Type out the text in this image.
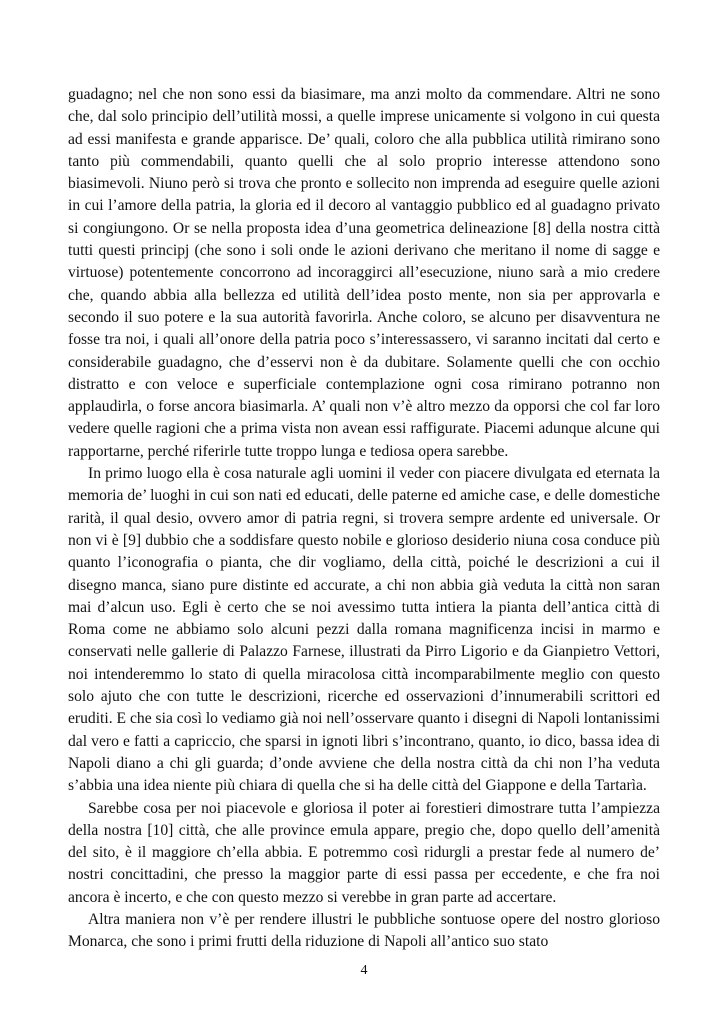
guadagno; nel che non sono essi da biasimare, ma anzi molto da commendare. Altri ne sono che, dal solo principio dell’utilità mossi, a quelle imprese unicamente si volgono in cui questa ad essi manifesta e grande apparisce. De’ quali, coloro che alla pubblica utilità rimirano sono tanto più commendabili, quanto quelli che al solo proprio interesse attendono sono biasimevoli. Niuno però si trova che pronto e sollecito non imprenda ad eseguire quelle azioni in cui l’amore della patria, la gloria ed il decoro al vantaggio pubblico ed al guadagno privato si congiungono. Or se nella proposta idea d’una geometrica delineazione [8] della nostra città tutti questi principj (che sono i soli onde le azioni derivano che meritano il nome di sagge e virtuose) potentemente concorrono ad incoraggirci all’esecuzione, niuno sarà a mio credere che, quando abbia alla bellezza ed utilità dell’idea posto mente, non sia per approvarla e secondo il suo potere e la sua autorità favorirla. Anche coloro, se alcuno per disavventura ne fosse tra noi, i quali all’onore della patria poco s’interessassero, vi saranno incitati dal certo e considerabile guadagno, che d’esservi non è da dubitare. Solamente quelli che con occhio distratto e con veloce e superficiale contemplazione ogni cosa rimirano potranno non applaudirla, o forse ancora biasimarla. A’ quali non v’è altro mezzo da opporsi che col far loro vedere quelle ragioni che a prima vista non avean essi raffigurate. Piacemi adunque alcune qui rapportarne, perché riferirle tutte troppo lunga e tediosa opera sarebbe.

In primo luogo ella è cosa naturale agli uomini il veder con piacere divulgata ed eternata la memoria de’ luoghi in cui son nati ed educati, delle paterne ed amiche case, e delle domestiche rarità, il qual desio, ovvero amor di patria regni, si trovera sempre ardente ed universale. Or non vi è [9] dubbio che a soddisfare questo nobile e glorioso desiderio niuna cosa conduce più quanto l’iconografia o pianta, che dir vogliamo, della città, poiché le descrizioni a cui il disegno manca, siano pure distinte ed accurate, a chi non abbia già veduta la città non saran mai d’alcun uso. Egli è certo che se noi avessimo tutta intiera la pianta dell’antica città di Roma come ne abbiamo solo alcuni pezzi dalla romana magnificenza incisi in marmo e conservati nelle gallerie di Palazzo Farnese, illustrati da Pirro Ligorio e da Gianpietro Vettori, noi intenderemmo lo stato di quella miracolosa città incomparabilmente meglio con questo solo ajuto che con tutte le descrizioni, ricerche ed osservazioni d’innumerabili scrittori ed eruditi. E che sia così lo vediamo già noi nell’osservare quanto i disegni di Napoli lontanissimi dal vero e fatti a capriccio, che sparsi in ignoti libri s’incontrano, quanto, io dico, bassa idea di Napoli diano a chi gli guarda; d’onde avviene che della nostra città da chi non l’ha veduta s’abbia una idea niente più chiara di quella che si ha delle città del Giappone e della Tartarìa.

Sarebbe cosa per noi piacevole e gloriosa il poter ai forestieri dimostrare tutta l’ampiezza della nostra [10] città, che alle province emula appare, pregio che, dopo quello dell’amenità del sito, è il maggiore ch’ella abbia. E potremmo così ridurgli a prestar fede al numero de’ nostri concittadini, che presso la maggior parte di essi passa per eccedente, e che fra noi ancora è incerto, e che con questo mezzo si verebbe in gran parte ad accertare.

Altra maniera non v’è per rendere illustri le pubbliche sontuose opere del nostro glorioso Monarca, che sono i primi frutti della riduzione di Napoli all’antico suo stato

4
